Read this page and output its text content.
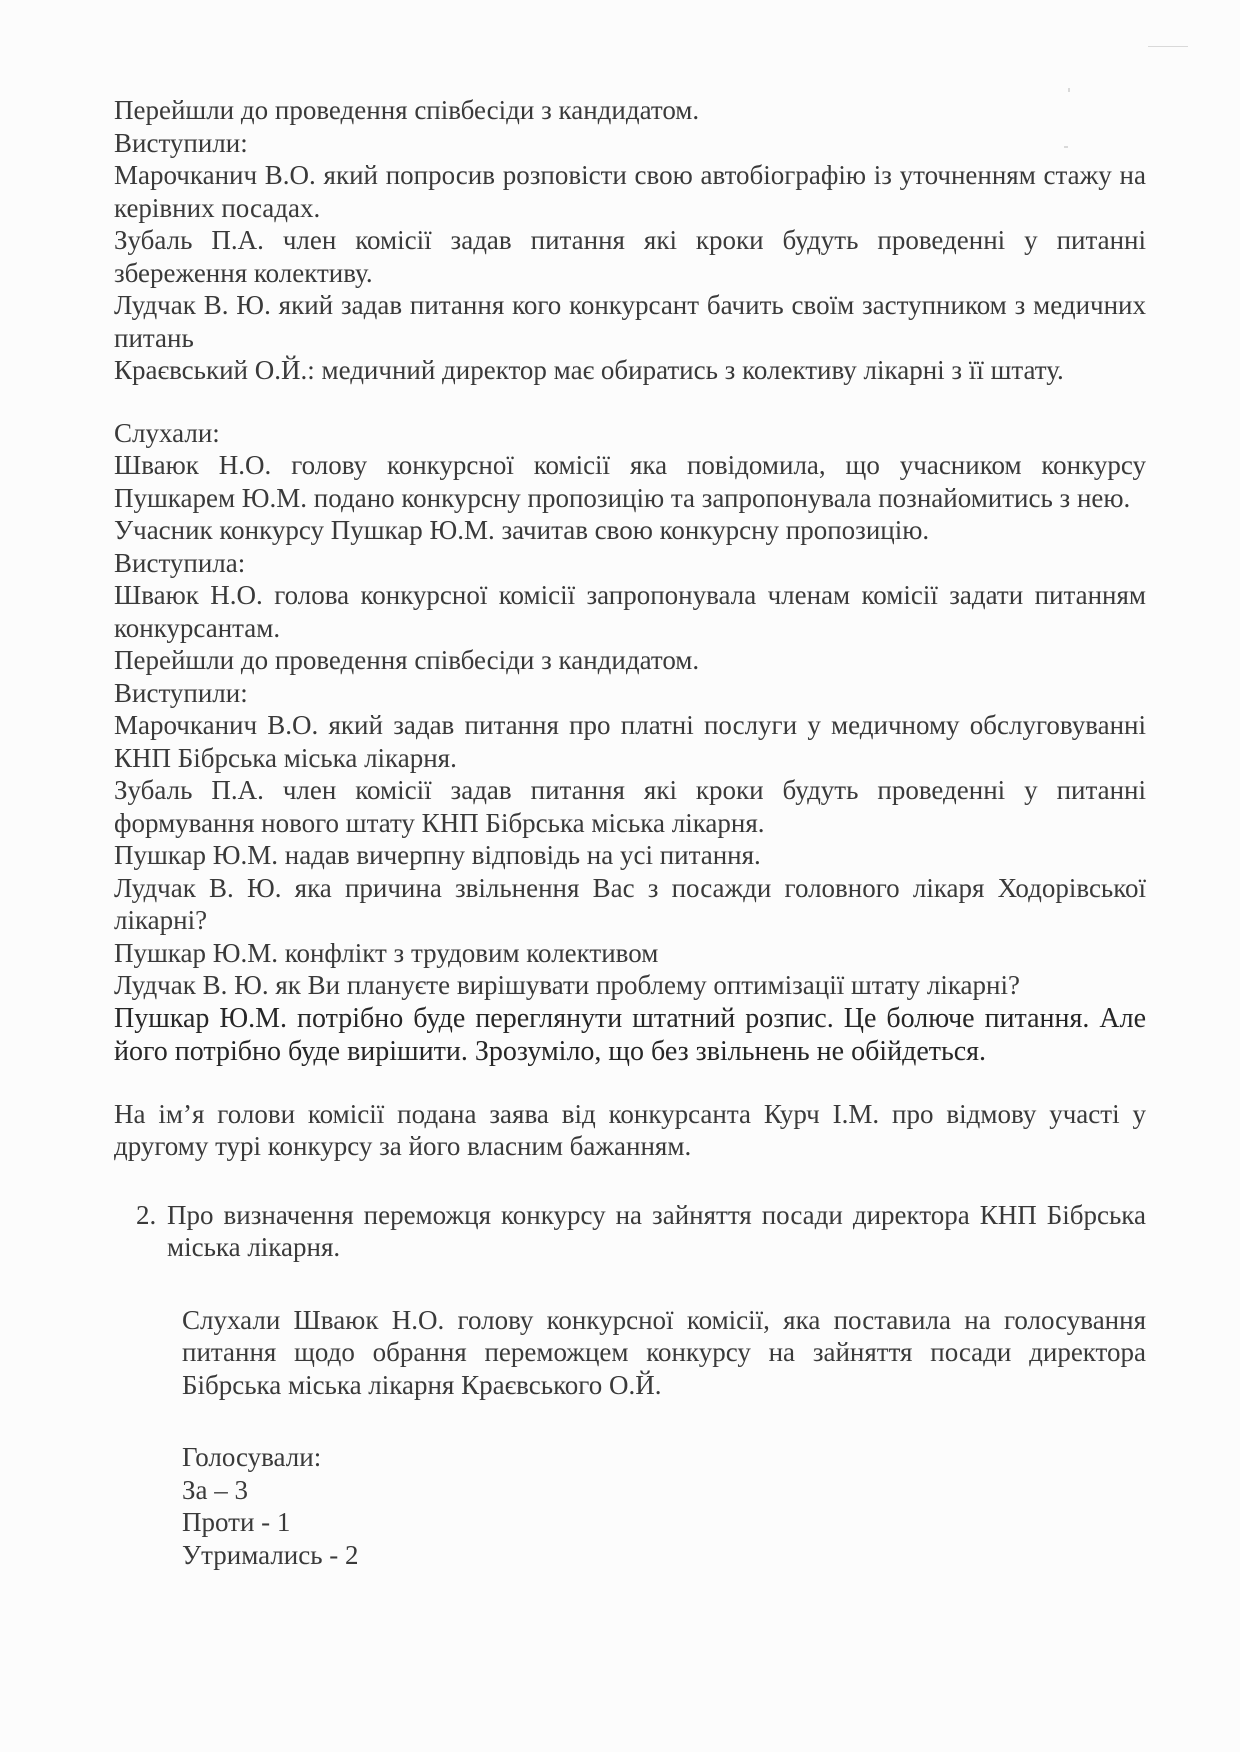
Перейшли до проведення співбесіди з кандидатом.

Виступили:

Марочканич В.О. який попросив розповісти свою автобіографію із уточненням стажу на керівних посадах.

Зубаль П.А. член комісії задав питання які кроки будуть проведенні у питанні збереження колективу.

Лудчак В. Ю. який задав питання кого конкурсант бачить своїм заступником з медичних питань

Краєвський О.Й.: медичний директор має обиратись з колективу лікарні з її штату.

Слухали:

Шваюк Н.О. голову конкурсної комісії яка повідомила, що учасником конкурсу Пушкарем Ю.М. подано конкурсну пропозицію та запропонувала познайомитись з нею.

Учасник конкурсу Пушкар Ю.М. зачитав свою конкурсну пропозицію.

Виступила:

Шваюк Н.О. голова конкурсної комісії запропонувала членам комісії задати питанням конкурсантам.

Перейшли до проведення співбесіди з кандидатом.

Виступили:

Марочканич В.О. який задав питання про платні послуги у медичному обслуговуванні КНП Бібрська міська лікарня.

Зубаль П.А. член комісії задав питання які кроки будуть проведенні у питанні формування нового штату КНП Бібрська міська лікарня.

Пушкар Ю.М. надав вичерпну відповідь на усі питання.

Лудчак В. Ю. яка причина звільнення Вас з посажди головного лікаря Ходорівської лікарні?

Пушкар Ю.М. конфлікт з трудовим колективом

Лудчак В. Ю. як Ви плануєте вирішувати проблему оптимізації штату лікарні?

Пушкар Ю.М. потрібно буде переглянути штатний розпис. Це болюче питання. Але його потрібно буде вирішити. Зрозуміло, що без звільнень не обійдеться.

На ім’я голови комісії подана заява від конкурсанта Курч І.М. про відмову участі у другому турі конкурсу за його власним бажанням.

2. Про визначення переможця конкурсу на зайняття посади директора КНП Бібрська міська лікарня.

Слухали Шваюк Н.О. голову конкурсної комісії, яка поставила на голосування питання щодо обрання переможцем конкурсу на зайняття посади директора Бібрська міська лікарня Краєвського О.Й.

Голосували:

За – 3

Проти - 1

Утримались - 2
